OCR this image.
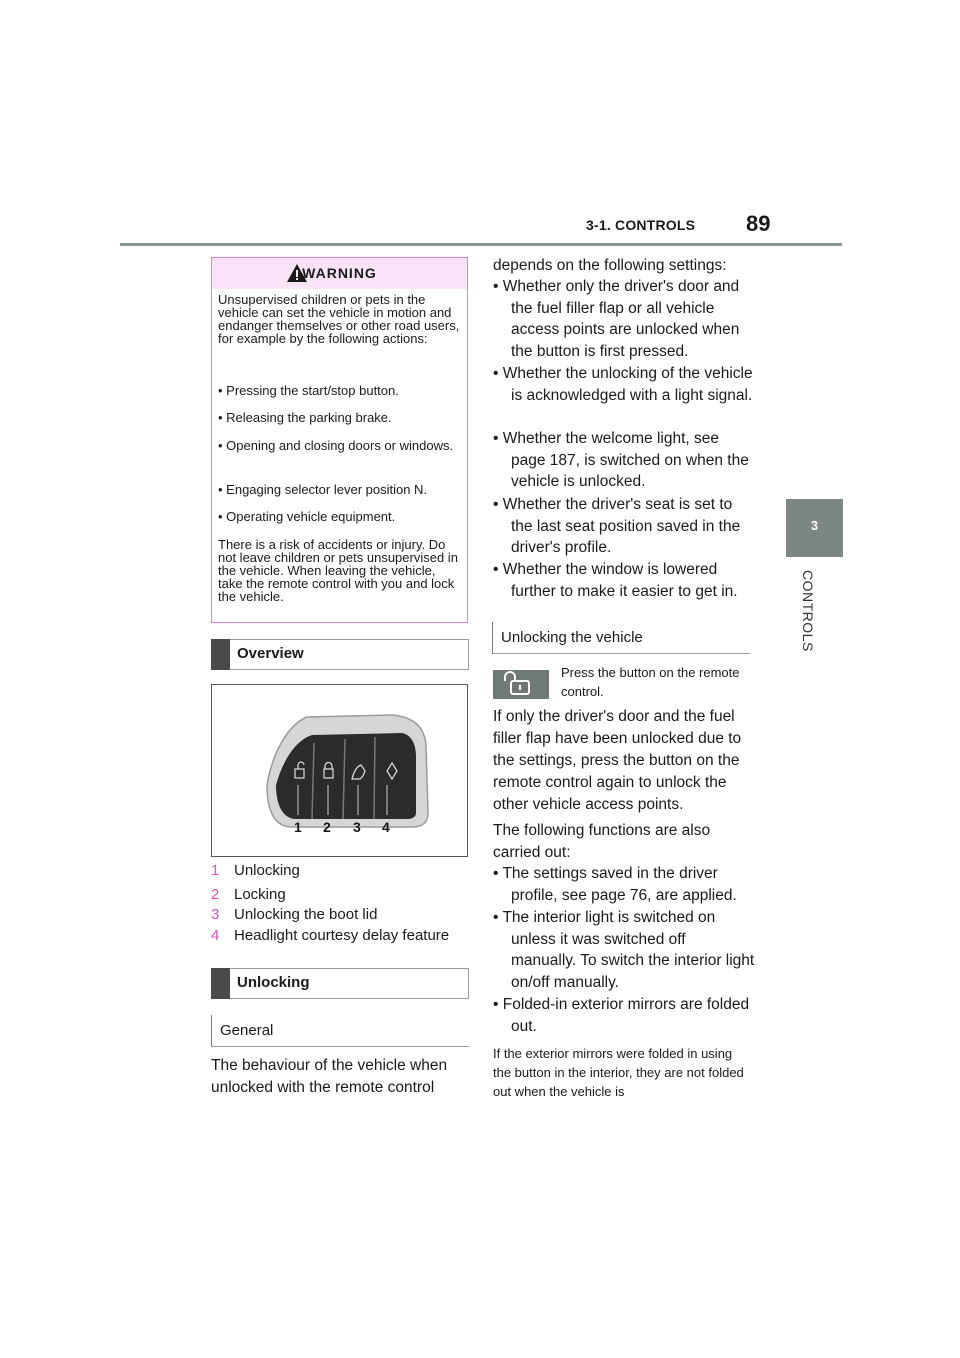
3-1. CONTROLS 89
3
CONTROLS
WARNING
Unsupervised children or pets in the vehicle can set the vehicle in motion and endanger themselves or other road users, for example by the following actions:
• Pressing the start/stop button.
• Releasing the parking brake.
• Opening and closing doors or windows.
• Engaging selector lever position N.
• Operating vehicle equipment.
There is a risk of accidents or injury. Do not leave children or pets unsupervised in the vehicle. When leaving the vehicle, take the remote control with you and lock the vehicle.
Overview
1 2 3 4
1 Unlocking
2 Locking
3 Unlocking the boot lid
4 Headlight courtesy delay feature
Unlocking
General
The behaviour of the vehicle when unlocked with the remote control
depends on the following settings:
• Whether only the driver's door and the fuel filler flap or all vehicle access points are unlocked when the button is first pressed.
• Whether the unlocking of the vehicle is acknowledged with a light signal.
• Whether the welcome light, see page 187, is switched on when the vehicle is unlocked.
• Whether the driver's seat is set to the last seat position saved in the driver's profile.
• Whether the window is lowered further to make it easier to get in.
Unlocking the vehicle
Press the button on the remote control.
If only the driver's door and the fuel filler flap have been unlocked due to the settings, press the button on the remote control again to unlock the other vehicle access points.
The following functions are also carried out:
• The settings saved in the driver profile, see page 76, are applied.
• The interior light is switched on unless it was switched off manually. To switch the interior light on/off manually.
• Folded-in exterior mirrors are folded out.
If the exterior mirrors were folded in using the button in the interior, they are not folded out when the vehicle is
